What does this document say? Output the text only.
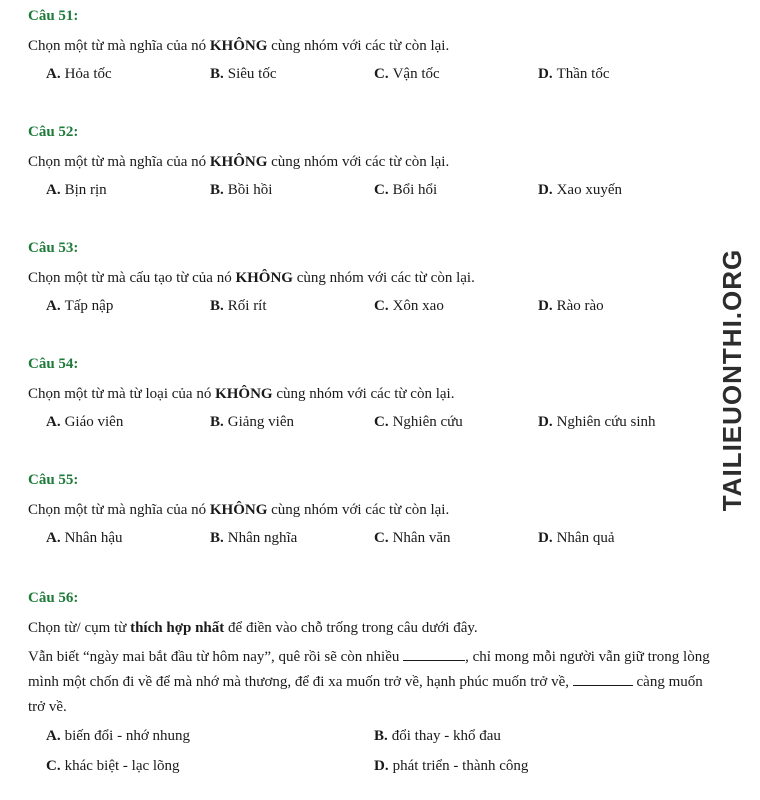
Câu 51:
Chọn một từ mà nghĩa của nó KHÔNG cùng nhóm với các từ còn lại.
A. Hỏa tốc	B. Siêu tốc	C. Vận tốc	D. Thần tốc
Câu 52:
Chọn một từ mà nghĩa của nó KHÔNG cùng nhóm với các từ còn lại.
A. Bịn rịn	B. Bồi hồi	C. Bổi hổi	D. Xao xuyến
Câu 53:
Chọn một từ mà cấu tạo từ của nó KHÔNG cùng nhóm với các từ còn lại.
A. Tấp nập	B. Rối rít	C. Xôn xao	D. Rào rào
Câu 54:
Chọn một từ mà từ loại của nó KHÔNG cùng nhóm với các từ còn lại.
A. Giáo viên	B. Giảng viên	C. Nghiên cứu	D. Nghiên cứu sinh
Câu 55:
Chọn một từ mà nghĩa của nó KHÔNG cùng nhóm với các từ còn lại.
A. Nhân hậu	B. Nhân nghĩa	C. Nhân văn	D. Nhân quả
Câu 56:
Chọn từ/ cụm từ thích hợp nhất để điền vào chỗ trống trong câu dưới đây.
Vẫn biết “ngày mai bắt đầu từ hôm nay”, quê rồi sẽ còn nhiều	, chỉ mong mỗi người vẫn giữ trong lòng mình một chốn đi về để mà nhớ mà thương, để đi xa muốn trở về, hạnh phúc muốn trở về,	càng muốn trở về.
A. biến đổi - nhớ nhung	B. đổi thay - khổ đau
C. khác biệt - lạc lõng	D. phát triển - thành công
TAILIEUONTHI.ORG
